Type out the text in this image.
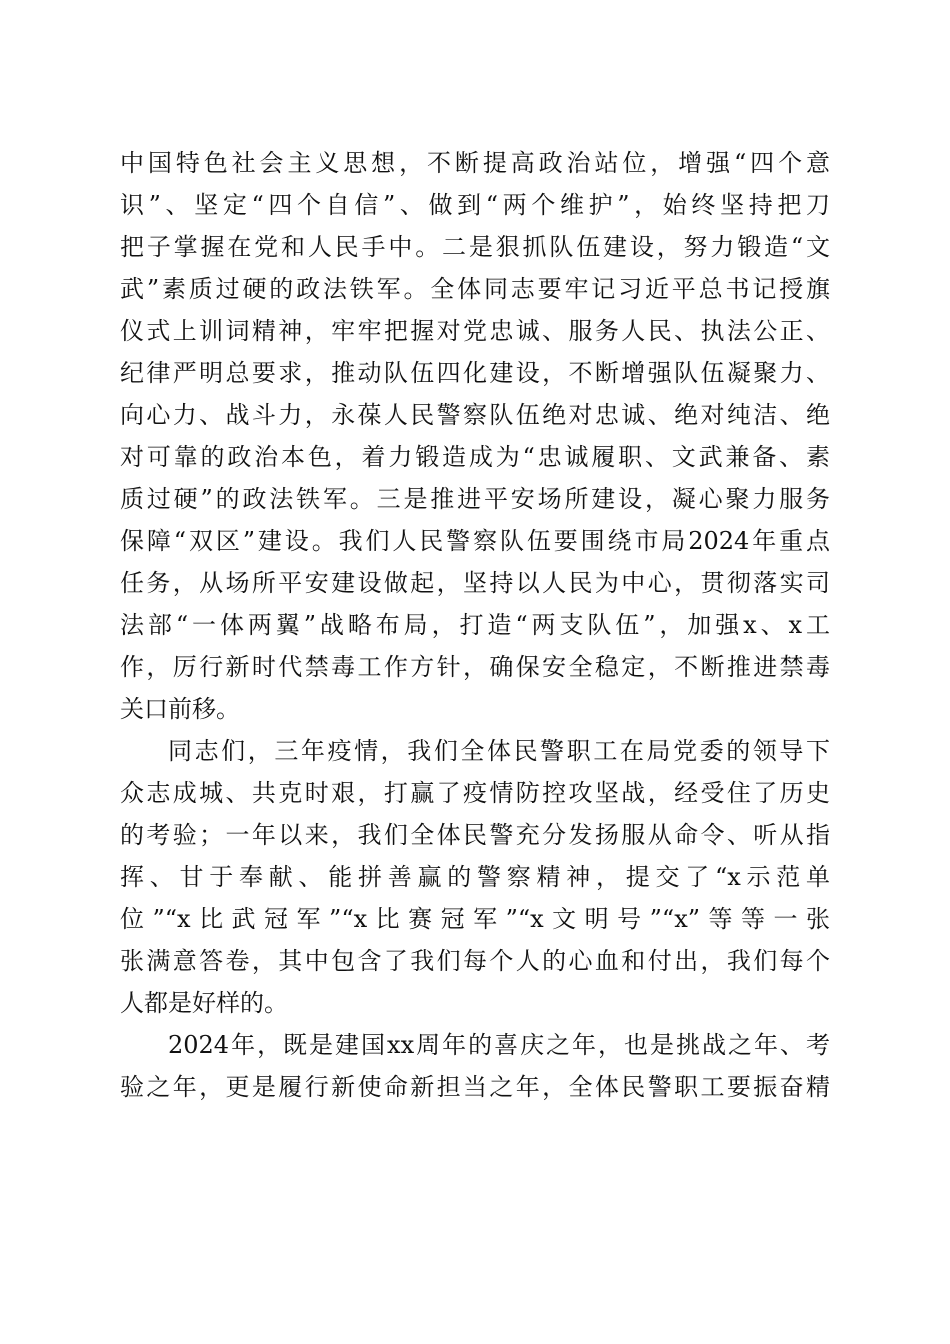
中国特色社会主义思想，不断提高政治站位，增强“四个意
识”、坚定“四个自信”、做到“两个维护”，始终坚持把刀
把子掌握在党和人民手中。二是狠抓队伍建设，努力锻造“文
武”素质过硬的政法铁军。全体同志要牢记习近平总书记授旗
仪式上训词精神，牢牢把握对党忠诚、服务人民、执法公正、
纪律严明总要求，推动队伍四化建设，不断增强队伍凝聚力、
向心力、战斗力，永葆人民警察队伍绝对忠诚、绝对纯洁、绝
对可靠的政治本色，着力锻造成为“忠诚履职、文武兼备、素
质过硬”的政法铁军。三是推进平安场所建设，凝心聚力服务
保障“双区”建设。我们人民警察队伍要围绕市局2024年重点
任务，从场所平安建设做起，坚持以人民为中心，贯彻落实司
法部“一体两翼”战略布局，打造“两支队伍”，加强x、x工
作，厉行新时代禁毒工作方针，确保安全稳定，不断推进禁毒
关口前移。
同志们，三年疫情，我们全体民警职工在局党委的领导下
众志成城、共克时艰，打赢了疫情防控攻坚战，经受住了历史
的考验；一年以来，我们全体民警充分发扬服从命令、听从指
挥、甘于奉献、能拼善赢的警察精神，提交了“x示范单
位”“x比武冠军”“x比赛冠军”“x文明号”“x”等等一张
张满意答卷，其中包含了我们每个人的心血和付出，我们每个
人都是好样的。
2024年，既是建国xx周年的喜庆之年，也是挑战之年、考
验之年，更是履行新使命新担当之年，全体民警职工要振奋精
